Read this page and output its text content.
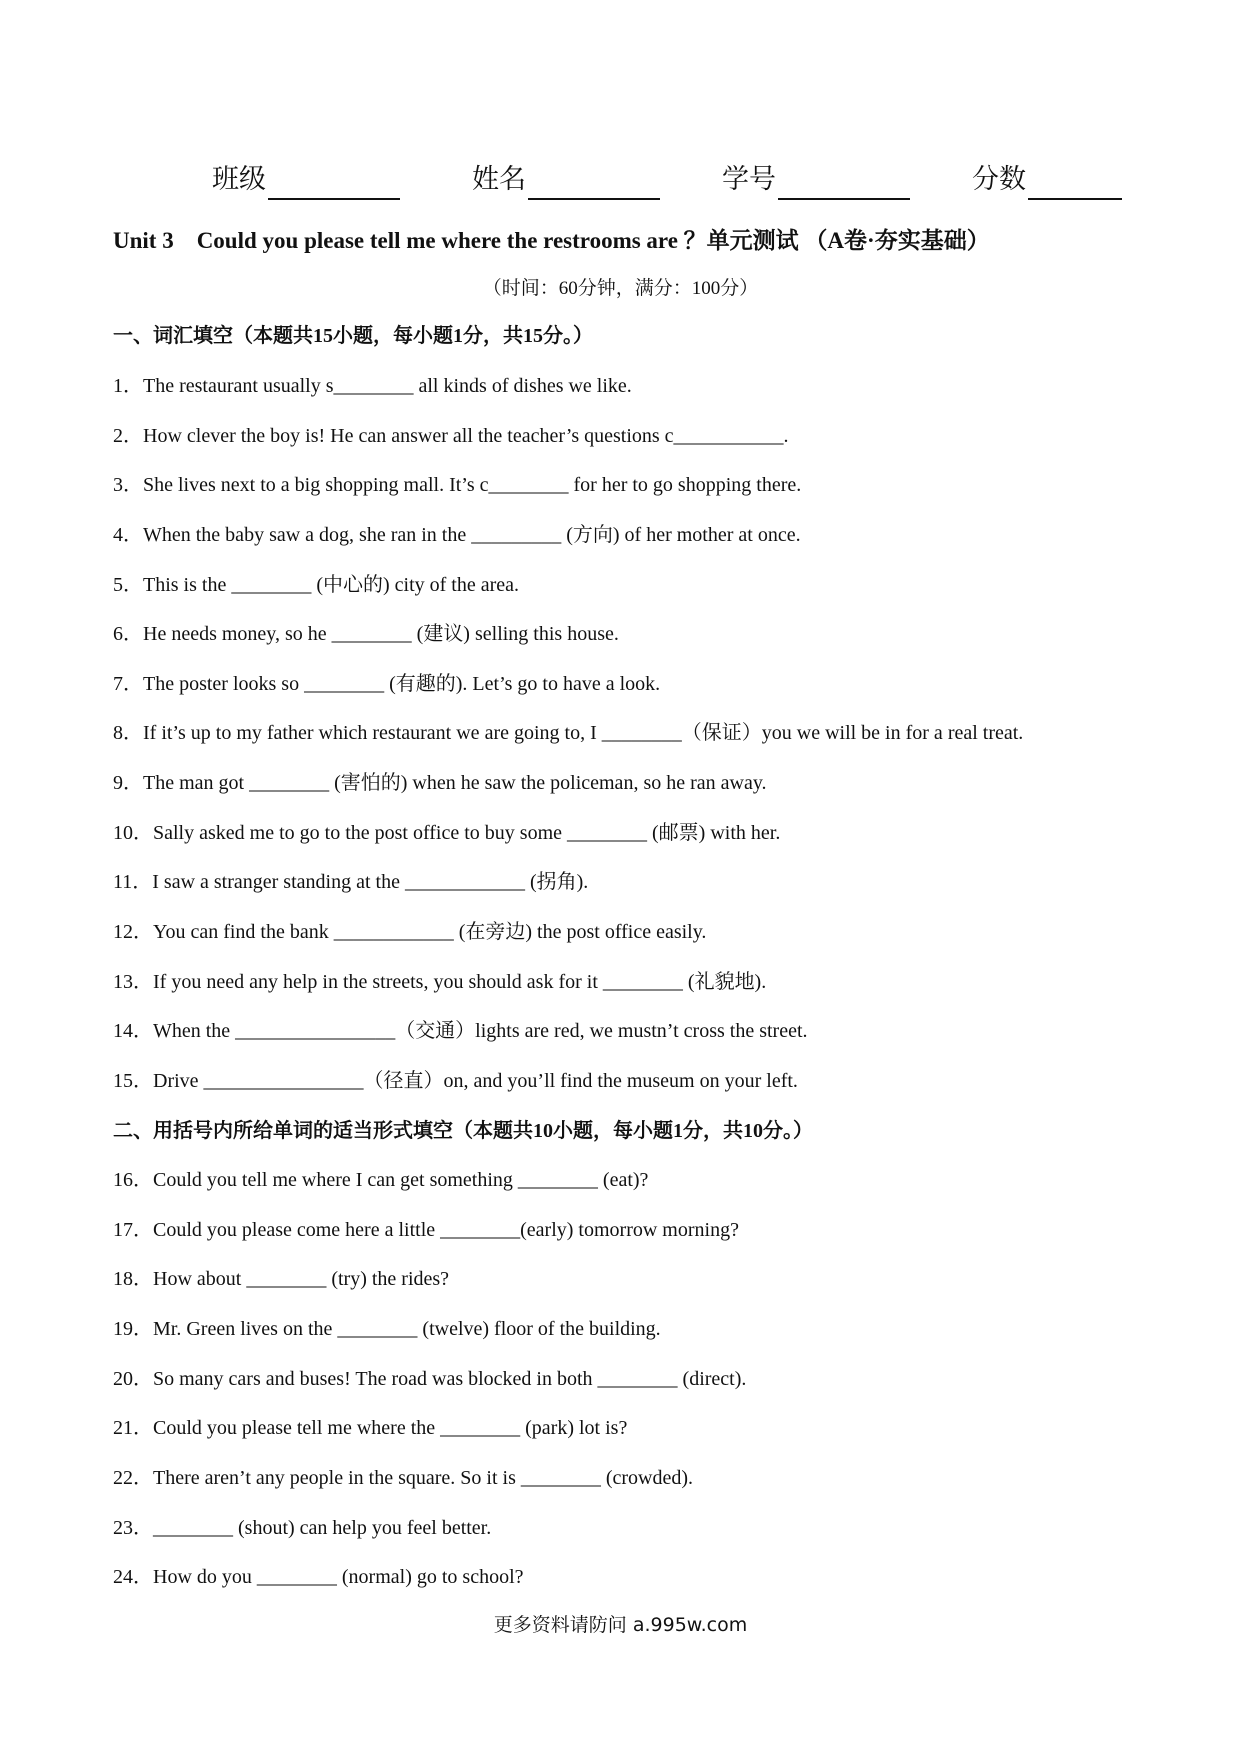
班级	姓名	学号	分数
Unit 3　Could you please tell me where the restrooms are ？单元测试 （A卷·夯实基础）
（时间：60分钟，满分：100分）
一、词汇填空（本题共15小题，每小题1分，共15分。）
1．The restaurant usually s________ all kinds of dishes we like.
2．How clever the boy is! He can answer all the teacher’s questions c___________.
3．She lives next to a big shopping mall. It’s c________ for her to go shopping there.
4．When the baby saw a dog, she ran in the _________ (方向) of her mother at once.
5．This is the ________ (中心的) city of the area.
6．He needs money, so he ________ (建议) selling this house.
7．The poster looks so ________ (有趣的). Let’s go to have a look.
8．If it’s up to my father which restaurant we are going to, I ________（保证）you we will be in for a real treat.
9．The man got ________ (害怕的) when he saw the policeman, so he ran away.
10．Sally asked me to go to the post office to buy some ________ (邮票) with her.
11．I saw a stranger standing at the ____________ (拐角).
12．You can find the bank ____________ (在旁边) the post office easily.
13．If you need any help in the streets, you should ask for it ________ (礼貌地).
14．When the ________________（交通）lights are red, we mustn’t cross the street.
15．Drive ________________（径直）on, and you’ll find the museum on your left.
二、用括号内所给单词的适当形式填空（本题共10小题，每小题1分，共10分。）
16．Could you tell me where I can get something ________ (eat)?
17．Could you please come here a little ________(early) tomorrow morning?
18．How about ________ (try) the rides?
19．Mr. Green lives on the ________ (twelve) floor of the building.
20．So many cars and buses! The road was blocked in both ________ (direct).
21．Could you please tell me where the ________ (park) lot is?
22．There aren’t any people in the square. So it is ________ (crowded).
23．________ (shout) can help you feel better.
24．How do you ________ (normal) go to school?
更多资料请防问 a.995w.com
